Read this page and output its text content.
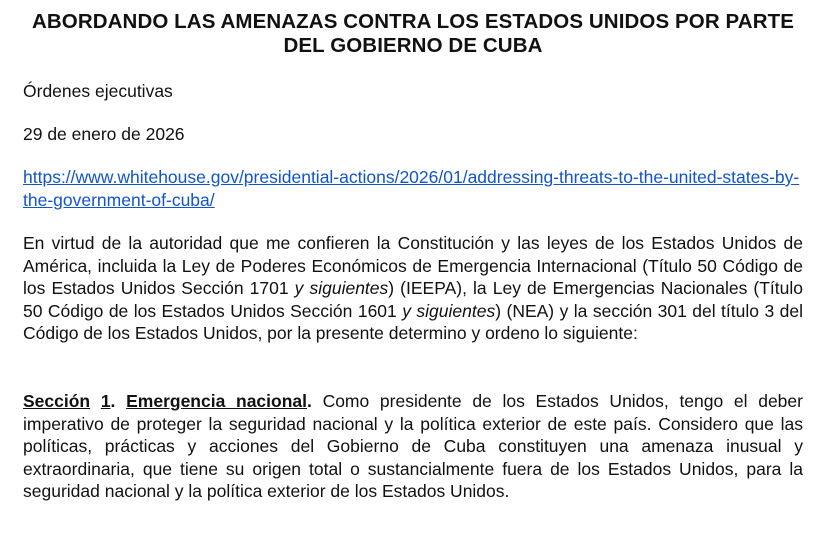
ABORDANDO LAS AMENAZAS CONTRA LOS ESTADOS UNIDOS POR PARTE DEL GOBIERNO DE CUBA

Órdenes ejecutivas

29 de enero de 2026

https://www.whitehouse.gov/presidential-actions/2026/01/addressing-threats-to-the-united-states-by-the-government-of-cuba/

En virtud de la autoridad que me confieren la Constitución y las leyes de los Estados Unidos de América, incluida la Ley de Poderes Económicos de Emergencia Internacional (Título 50 Código de los Estados Unidos Sección 1701 y siguientes) (IEEPA), la Ley de Emergencias Nacionales (Título 50 Código de los Estados Unidos Sección 1601 y siguientes) (NEA) y la sección 301 del título 3 del Código de los Estados Unidos, por la presente determino y ordeno lo siguiente:

Sección 1. Emergencia nacional. Como presidente de los Estados Unidos, tengo el deber imperativo de proteger la seguridad nacional y la política exterior de este país. Considero que las políticas, prácticas y acciones del Gobierno de Cuba constituyen una amenaza inusual y extraordinaria, que tiene su origen total o sustancialmente fuera de los Estados Unidos, para la seguridad nacional y la política exterior de los Estados Unidos.
